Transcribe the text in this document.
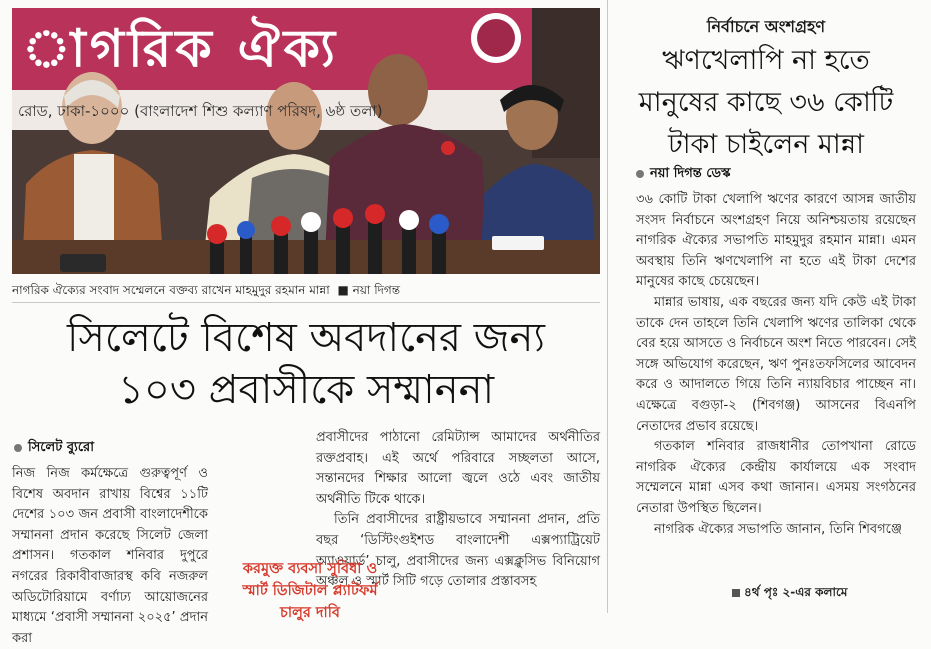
াগরিক ঐক্য
রোড, ঢাকা-১০০০ (বাংলাদেশ শিশু কল্যাণ পরিষদ, ৬ষ্ঠ তলা)
নাগরিক ঐক্যের সংবাদ সম্মেলনে বক্তব্য রাখেন মাহমুদুর রহমান মান্না ■ নয়া দিগন্ত
সিলেটে বিশেষ অবদানের জন্য
১০৩ প্রবাসীকে সম্মাননা
সিলেট ব্যুরো

নিজ নিজ কর্মক্ষেত্রে গুরুত্বপূর্ণ ও বিশেষ অবদান রাখায় বিশ্বের ১১টি দেশের ১০৩ জন প্রবাসী বাংলাদেশীকে সম্মাননা প্রদান করেছে সিলেট জেলা প্রশাসন। গতকাল শনিবার দুপুরে নগরের রিকাবীবাজারস্থ কবি নজরুল অডিটোরিয়ামে বর্ণাঢ্য আয়োজনের মাধ্যমে ‘প্রবাসী সম্মাননা ২০২৫’ প্রদান করা

প্রবাসীদের পাঠানো রেমিট্যান্স আমাদের অর্থনীতির রক্তপ্রবাহ। এই অর্থে পরিবারে সচ্ছলতা আসে, সন্তানদের শিক্ষার আলো জ্বলে ওঠে এবং জাতীয় অর্থনীতি টিকে থাকে।

তিনি প্রবাসীদের রাষ্ট্রীয়ভাবে সম্মাননা প্রদান, প্রতি বছর ‘ডিস্টিংগুইশড বাংলাদেশী এক্সপ্যাট্রিয়েট অ্যাওয়ার্ড’ চালু, প্রবাসীদের জন্য এক্সক্লুসিভ বিনিয়োগ অঞ্চল ও স্মার্ট সিটি গড়ে তোলার প্রস্তাবসহ

করমুক্ত ব্যবসা সুবিধা ও
স্মার্ট ডিজিটাল প্ল্যাটফর্ম
চালুর দাবি
নির্বাচনে অংশগ্রহণ
ঋণখেলাপি না হতে
মানুষের কাছে ৩৬ কোটি
টাকা চাইলেন মান্না
নয়া দিগন্ত ডেস্ক

৩৬ কোটি টাকা খেলাপি ঋণের কারণে আসন্ন জাতীয় সংসদ নির্বাচনে অংশগ্রহণ নিয়ে অনিশ্চয়তায় রয়েছেন নাগরিক ঐক্যের সভাপতি মাহমুদুর রহমান মান্না। এমন অবস্থায় তিনি ঋণখেলাপি না হতে এই টাকা দেশের মানুষের কাছে চেয়েছেন।

মান্নার ভাষায়, এক বছরের জন্য যদি কেউ এই টাকা তাকে দেন তাহলে তিনি খেলাপি ঋণের তালিকা থেকে বের হয়ে আসতে ও নির্বাচনে অংশ নিতে পারবেন। সেই সঙ্গে অভিযোগ করেছেন, ঋণ পুনঃতফসিলের আবেদন করে ও আদালতে গিয়ে তিনি ন্যায়বিচার পাচ্ছেন না। এক্ষেত্রে বগুড়া-২ (শিবগঞ্জ) আসনের বিএনপি নেতাদের প্রভাব রয়েছে।

গতকাল শনিবার রাজধানীর তোপখানা রোডে নাগরিক ঐক্যের কেন্দ্রীয় কার্যালয়ে এক সংবাদ সম্মেলনে মান্না এসব কথা জানান। এসময় সংগঠনের নেতারা উপস্থিত ছিলেন।

নাগরিক ঐক্যের সভাপতি জানান, তিনি শিবগঞ্জে

৪র্থ পৃঃ ২-এর কলামে
